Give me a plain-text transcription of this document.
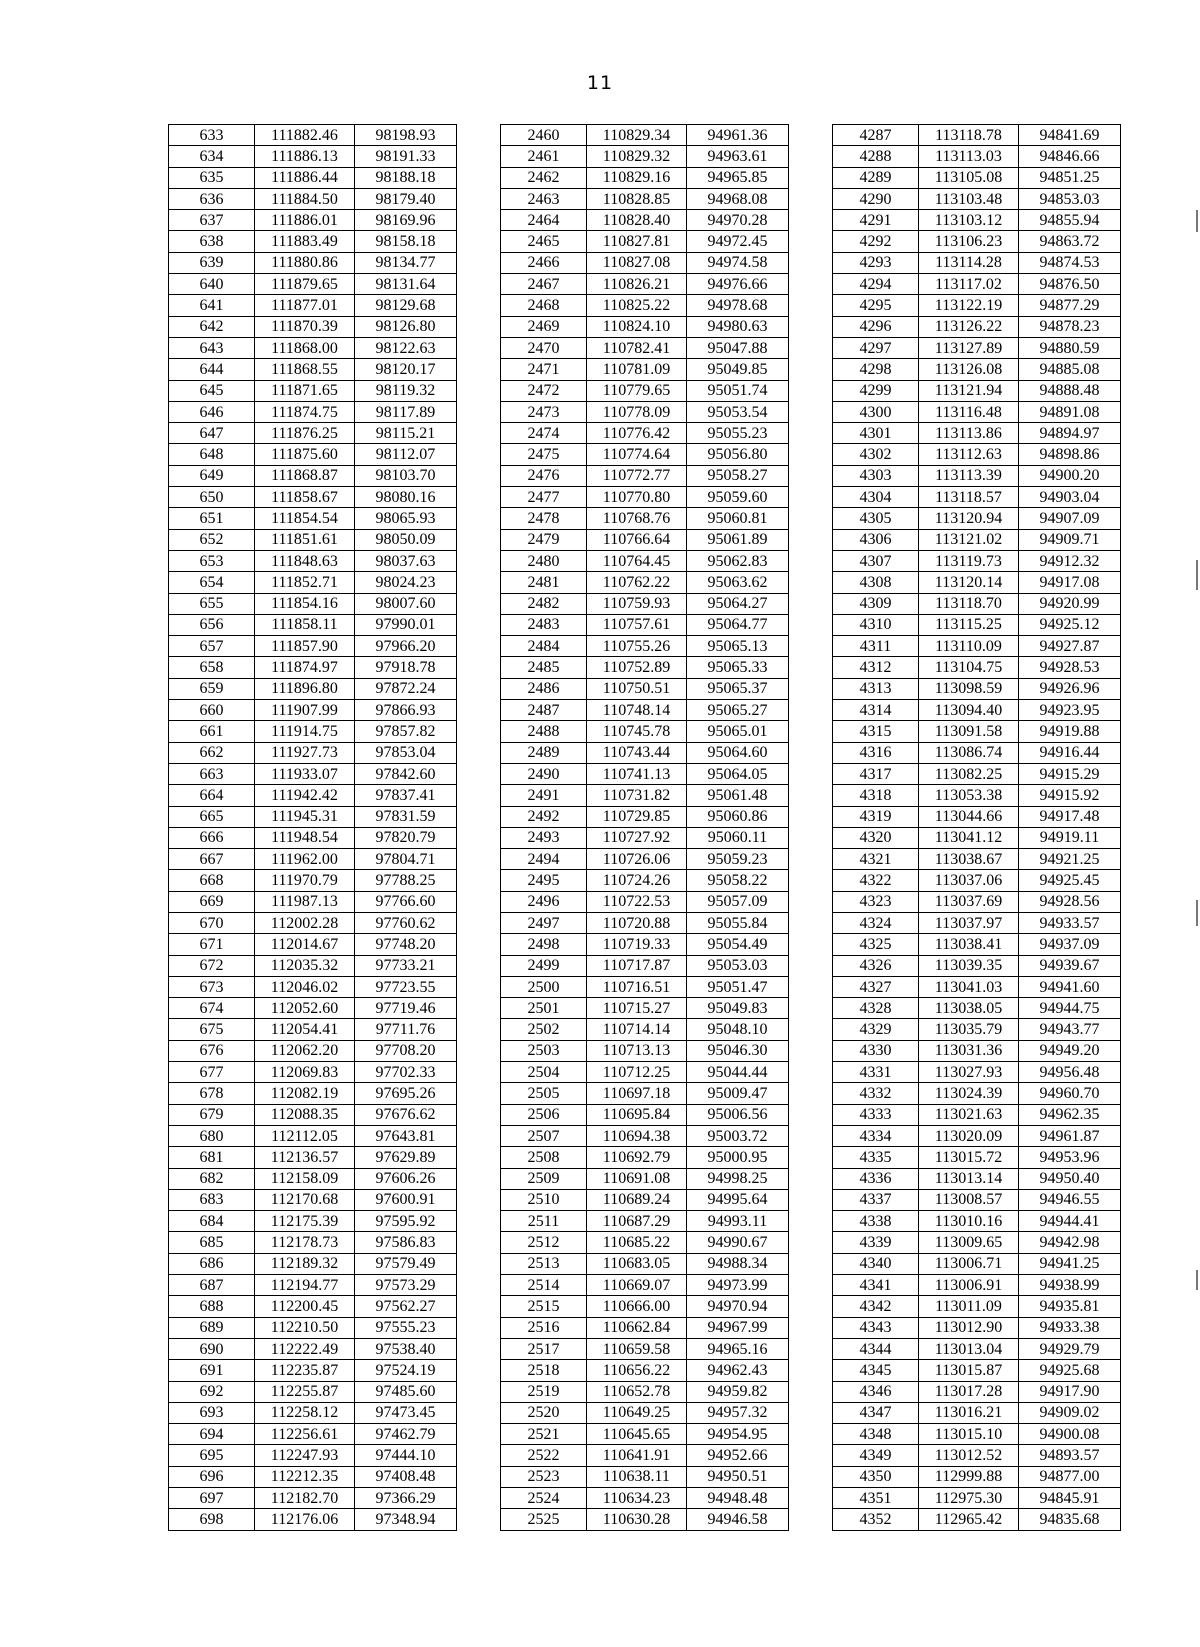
11
633	111882.46	98198.93
634	111886.13	98191.33
635	111886.44	98188.18
636	111884.50	98179.40
637	111886.01	98169.96
638	111883.49	98158.18
639	111880.86	98134.77
640	111879.65	98131.64
641	111877.01	98129.68
642	111870.39	98126.80
643	111868.00	98122.63
644	111868.55	98120.17
645	111871.65	98119.32
646	111874.75	98117.89
647	111876.25	98115.21
648	111875.60	98112.07
649	111868.87	98103.70
650	111858.67	98080.16
651	111854.54	98065.93
652	111851.61	98050.09
653	111848.63	98037.63
654	111852.71	98024.23
655	111854.16	98007.60
656	111858.11	97990.01
657	111857.90	97966.20
658	111874.97	97918.78
659	111896.80	97872.24
660	111907.99	97866.93
661	111914.75	97857.82
662	111927.73	97853.04
663	111933.07	97842.60
664	111942.42	97837.41
665	111945.31	97831.59
666	111948.54	97820.79
667	111962.00	97804.71
668	111970.79	97788.25
669	111987.13	97766.60
670	112002.28	97760.62
671	112014.67	97748.20
672	112035.32	97733.21
673	112046.02	97723.55
674	112052.60	97719.46
675	112054.41	97711.76
676	112062.20	97708.20
677	112069.83	97702.33
678	112082.19	97695.26
679	112088.35	97676.62
680	112112.05	97643.81
681	112136.57	97629.89
682	112158.09	97606.26
683	112170.68	97600.91
684	112175.39	97595.92
685	112178.73	97586.83
686	112189.32	97579.49
687	112194.77	97573.29
688	112200.45	97562.27
689	112210.50	97555.23
690	112222.49	97538.40
691	112235.87	97524.19
692	112255.87	97485.60
693	112258.12	97473.45
694	112256.61	97462.79
695	112247.93	97444.10
696	112212.35	97408.48
697	112182.70	97366.29
698	112176.06	97348.94
2460	110829.34	94961.36
2461	110829.32	94963.61
2462	110829.16	94965.85
2463	110828.85	94968.08
2464	110828.40	94970.28
2465	110827.81	94972.45
2466	110827.08	94974.58
2467	110826.21	94976.66
2468	110825.22	94978.68
2469	110824.10	94980.63
2470	110782.41	95047.88
2471	110781.09	95049.85
2472	110779.65	95051.74
2473	110778.09	95053.54
2474	110776.42	95055.23
2475	110774.64	95056.80
2476	110772.77	95058.27
2477	110770.80	95059.60
2478	110768.76	95060.81
2479	110766.64	95061.89
2480	110764.45	95062.83
2481	110762.22	95063.62
2482	110759.93	95064.27
2483	110757.61	95064.77
2484	110755.26	95065.13
2485	110752.89	95065.33
2486	110750.51	95065.37
2487	110748.14	95065.27
2488	110745.78	95065.01
2489	110743.44	95064.60
2490	110741.13	95064.05
2491	110731.82	95061.48
2492	110729.85	95060.86
2493	110727.92	95060.11
2494	110726.06	95059.23
2495	110724.26	95058.22
2496	110722.53	95057.09
2497	110720.88	95055.84
2498	110719.33	95054.49
2499	110717.87	95053.03
2500	110716.51	95051.47
2501	110715.27	95049.83
2502	110714.14	95048.10
2503	110713.13	95046.30
2504	110712.25	95044.44
2505	110697.18	95009.47
2506	110695.84	95006.56
2507	110694.38	95003.72
2508	110692.79	95000.95
2509	110691.08	94998.25
2510	110689.24	94995.64
2511	110687.29	94993.11
2512	110685.22	94990.67
2513	110683.05	94988.34
2514	110669.07	94973.99
2515	110666.00	94970.94
2516	110662.84	94967.99
2517	110659.58	94965.16
2518	110656.22	94962.43
2519	110652.78	94959.82
2520	110649.25	94957.32
2521	110645.65	94954.95
2522	110641.91	94952.66
2523	110638.11	94950.51
2524	110634.23	94948.48
2525	110630.28	94946.58
4287	113118.78	94841.69
4288	113113.03	94846.66
4289	113105.08	94851.25
4290	113103.48	94853.03
4291	113103.12	94855.94
4292	113106.23	94863.72
4293	113114.28	94874.53
4294	113117.02	94876.50
4295	113122.19	94877.29
4296	113126.22	94878.23
4297	113127.89	94880.59
4298	113126.08	94885.08
4299	113121.94	94888.48
4300	113116.48	94891.08
4301	113113.86	94894.97
4302	113112.63	94898.86
4303	113113.39	94900.20
4304	113118.57	94903.04
4305	113120.94	94907.09
4306	113121.02	94909.71
4307	113119.73	94912.32
4308	113120.14	94917.08
4309	113118.70	94920.99
4310	113115.25	94925.12
4311	113110.09	94927.87
4312	113104.75	94928.53
4313	113098.59	94926.96
4314	113094.40	94923.95
4315	113091.58	94919.88
4316	113086.74	94916.44
4317	113082.25	94915.29
4318	113053.38	94915.92
4319	113044.66	94917.48
4320	113041.12	94919.11
4321	113038.67	94921.25
4322	113037.06	94925.45
4323	113037.69	94928.56
4324	113037.97	94933.57
4325	113038.41	94937.09
4326	113039.35	94939.67
4327	113041.03	94941.60
4328	113038.05	94944.75
4329	113035.79	94943.77
4330	113031.36	94949.20
4331	113027.93	94956.48
4332	113024.39	94960.70
4333	113021.63	94962.35
4334	113020.09	94961.87
4335	113015.72	94953.96
4336	113013.14	94950.40
4337	113008.57	94946.55
4338	113010.16	94944.41
4339	113009.65	94942.98
4340	113006.71	94941.25
4341	113006.91	94938.99
4342	113011.09	94935.81
4343	113012.90	94933.38
4344	113013.04	94929.79
4345	113015.87	94925.68
4346	113017.28	94917.90
4347	113016.21	94909.02
4348	113015.10	94900.08
4349	113012.52	94893.57
4350	112999.88	94877.00
4351	112975.30	94845.91
4352	112965.42	94835.68
